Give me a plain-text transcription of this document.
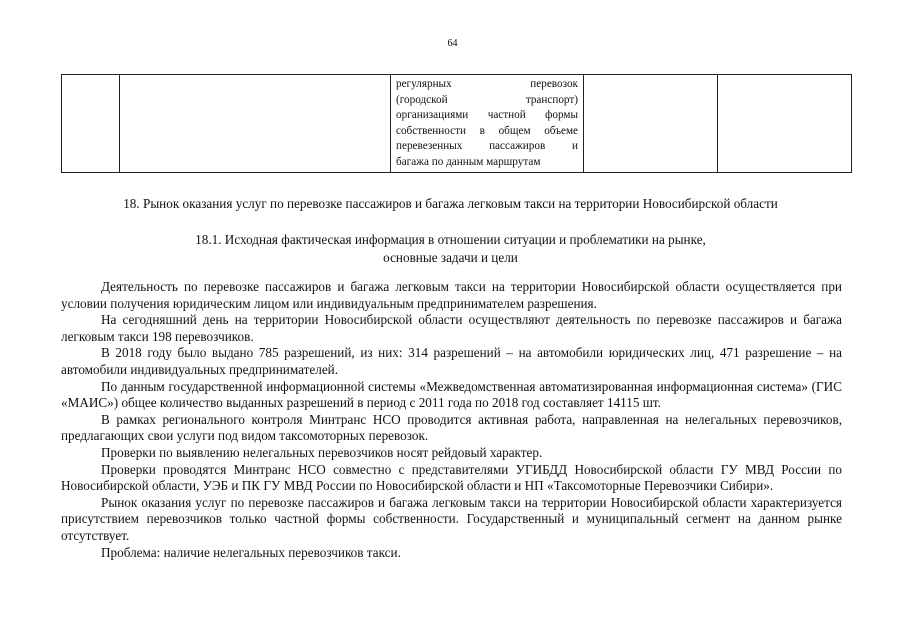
64

регулярных перевозок
(городской транспорт)
организациями частной формы
собственности в общем объеме
перевезенных пассажиров и
багажа по данным маршрутам

18. Рынок оказания услуг по перевозке пассажиров и багажа легковым такси на территории Новосибирской области
18.1. Исходная фактическая информация в отношении ситуации и проблематики на рынке,
основные задачи и цели

Деятельность по перевозке пассажиров и багажа легковым такси на территории Новосибирской области осуществляется при условии получения юридическим лицом или индивидуальным предпринимателем разрешения.

На сегодняшний день на территории Новосибирской области осуществляют деятельность по перевозке пассажиров и багажа легковым такси 198 перевозчиков.

В 2018 году было выдано 785 разрешений, из них: 314 разрешений – на автомобили юридических лиц, 471 разрешение – на автомобили индивидуальных предпринимателей.

По данным государственной информационной системы «Межведомственная автоматизированная информационная система» (ГИС «МАИС») общее количество выданных разрешений в период с 2011 года по 2018 год составляет 14115 шт.

В рамках регионального контроля Минтранс НСО проводится активная работа, направленная на нелегальных перевозчиков, предлагающих свои услуги под видом таксомоторных перевозок.

Проверки по выявлению нелегальных перевозчиков носят рейдовый характер.

Проверки проводятся Минтранс НСО совместно с представителями УГИБДД Новосибирской области ГУ МВД России по Новосибирской области, УЭБ и ПК ГУ МВД России по Новосибирской области и НП «Таксомоторные Перевозчики Сибири».

Рынок оказания услуг по перевозке пассажиров и багажа легковым такси на территории Новосибирской области характеризуется присутствием перевозчиков только частной формы собственности. Государственный и муниципальный сегмент на данном рынке отсутствует.

Проблема: наличие нелегальных перевозчиков такси.
